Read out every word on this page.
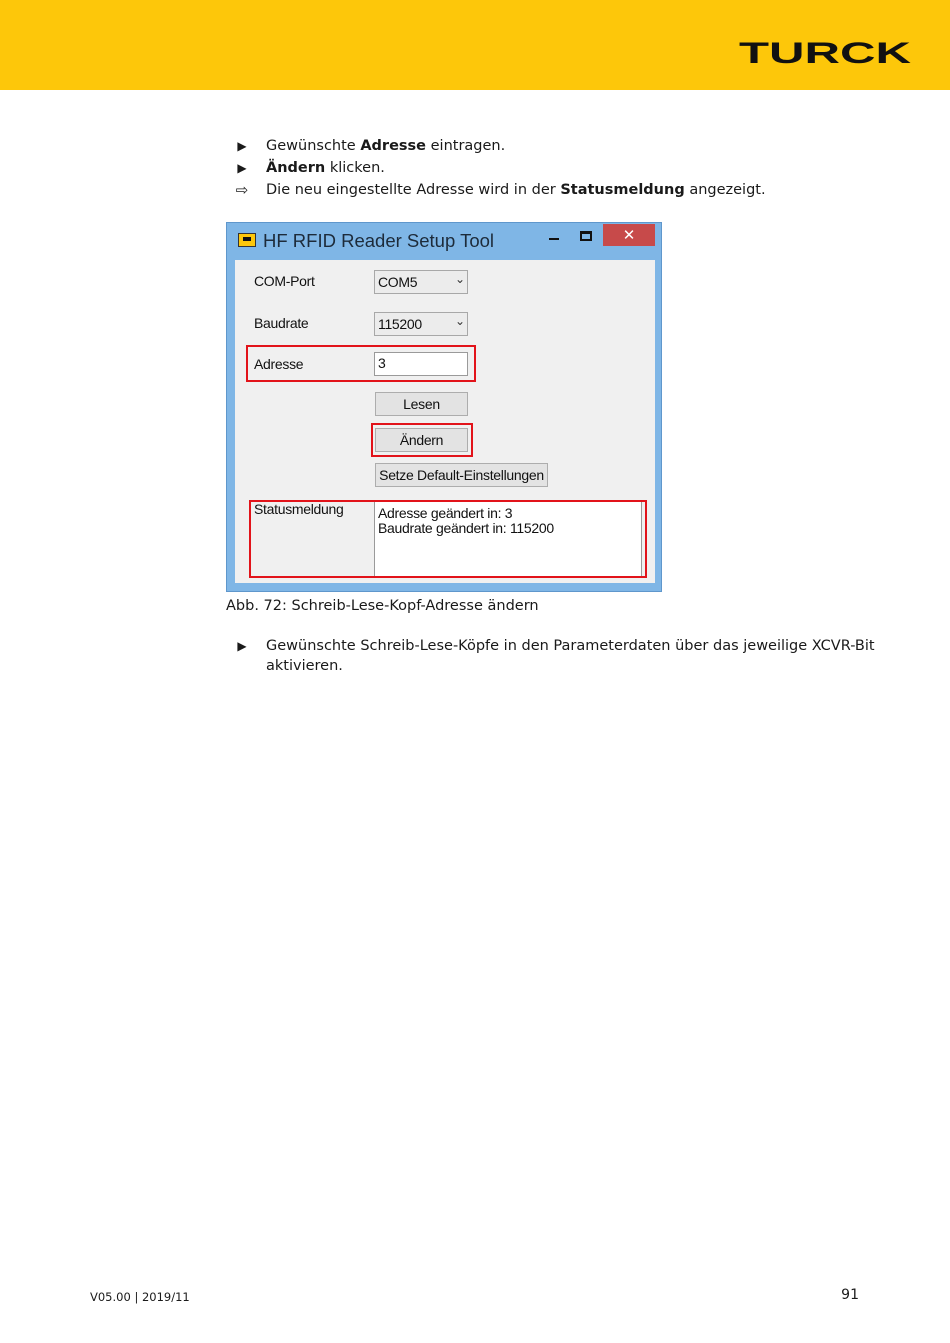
TURCK
▶	Gewünschte Adresse eintragen.
▶	Ändern klicken.
⇨ Die neu eingestellte Adresse wird in der Statusmeldung angezeigt.
HF RFID Reader Setup Tool	✕
COM-Port	COM5	⌄
Baudrate	115200	⌄
Adresse	3
Lesen
Ändern
Setze Default-Einstellungen
Statusmeldung Adresse geändert in: 3
Baudrate geändert in: 115200
Abb. 72: Schreib-Lese-Kopf-Adresse ändern
▶	Gewünschte Schreib-Lese-Köpfe in den Parameterdaten über das jeweilige XCVR-Bit aktivieren.
V05.00 | 2019/11	91
